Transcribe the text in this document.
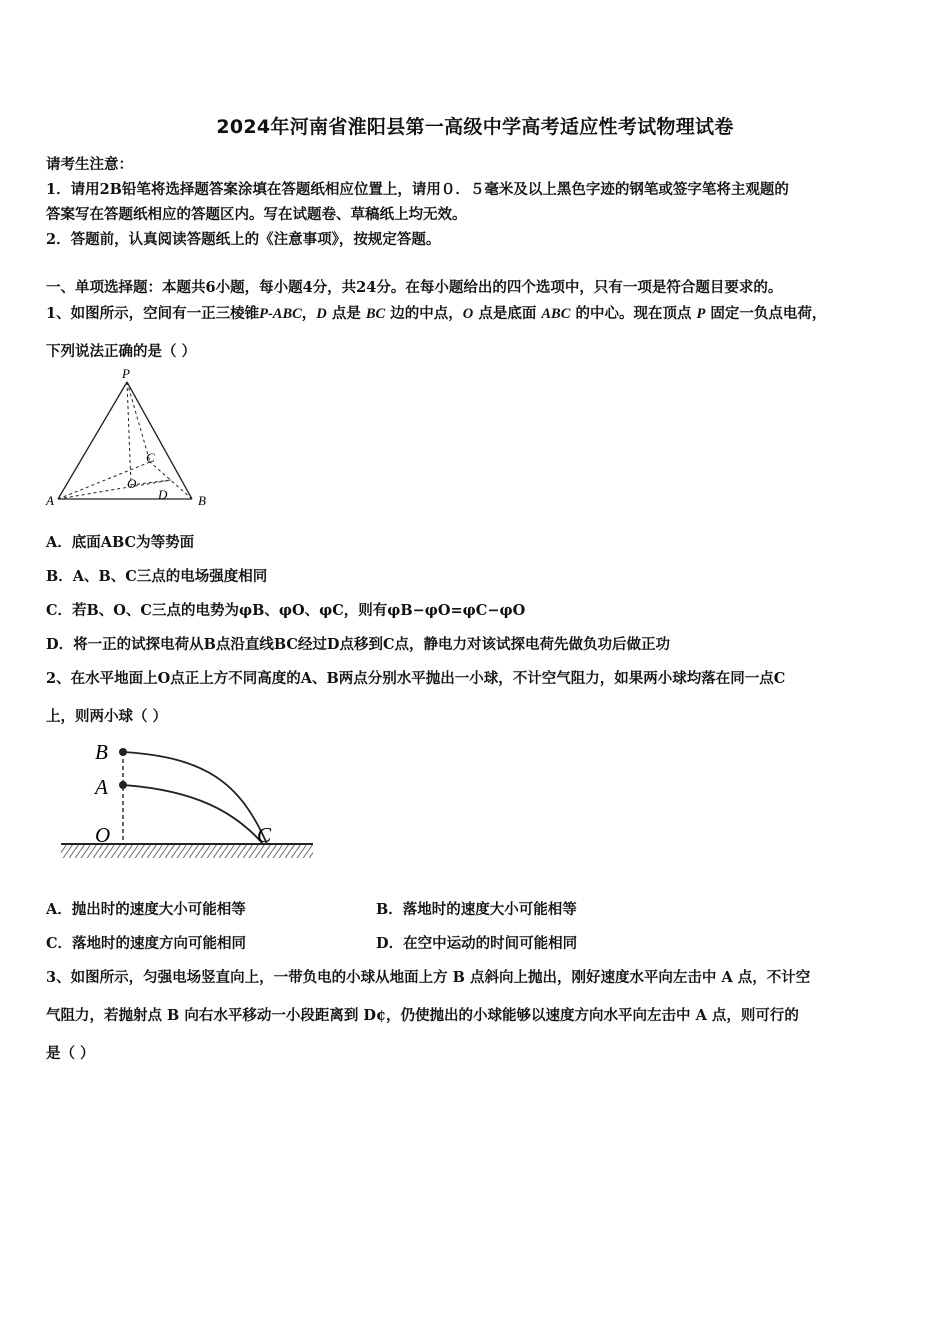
2024年河南省淮阳县第一高级中学高考适应性考试物理试卷
请考生注意：
1．请用2B铅笔将选择题答案涂填在答题纸相应位置上，请用０．５毫米及以上黑色字迹的钢笔或签字笔将主观题的
答案写在答题纸相应的答题区内。写在试题卷、草稿纸上均无效。
2．答题前，认真阅读答题纸上的《注意事项》，按规定答题。
一、单项选择题：本题共6小题，每小题4分，共24分。在每小题给出的四个选项中，只有一项是符合题目要求的。
1、如图所示，空间有一正三棱锥P-ABC，D 点是 BC 边的中点，O 点是底面 ABC 的中心。现在顶点 P 固定一负点电荷，
下列说法正确的是（ ）
P
A	B
C
O
D
A．底面ABC为等势面
B．A、B、C三点的电场强度相同
C．若B、O、C三点的电势为φB、φO、φC，则有φB−φO=φC−φO
D．将一正的试探电荷从B点沿直线BC经过D点移到C点，静电力对该试探电荷先做负功后做正功
2、在水平地面上O点正上方不同高度的A、B两点分别水平抛出一小球，不计空气阻力，如果两小球均落在同一点C
上，则两小球（ ）
B
A
O	C
A．抛出时的速度大小可能相等	B．落地时的速度大小可能相等
C．落地时的速度方向可能相同	D．在空中运动的时间可能相同
3、如图所示，匀强电场竖直向上，一带负电的小球从地面上方 B 点斜向上抛出，刚好速度水平向左击中 A 点，不计空
气阻力，若抛射点 B 向右水平移动一小段距离到 D¢，仍使抛出的小球能够以速度方向水平向左击中 A 点，则可行的
是（ ）
